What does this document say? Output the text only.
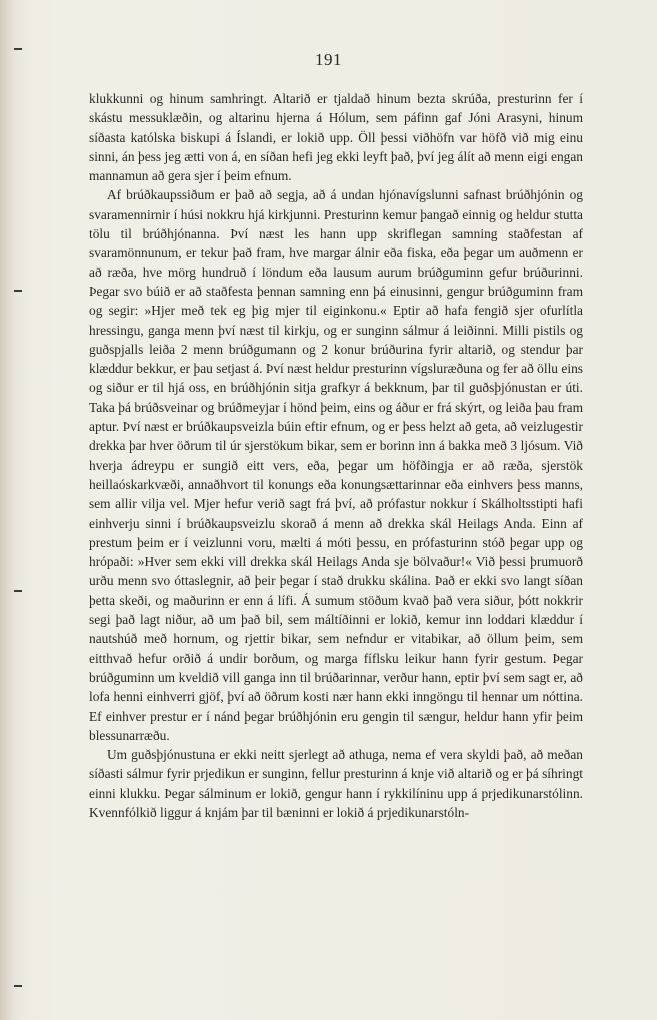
191

klukkunni og hinum samhringt. Altarið er tjaldað hinum bezta skrúða, presturinn fer í skástu messuklæðin, og altarinu hjerna á Hólum, sem páfinn gaf Jóni Arasyni, hinum síðasta katólska biskupi á Íslandi, er lokið upp. Öll þessi viðhöfn var höfð við mig einu sinni, án þess jeg ætti von á, en síðan hefi jeg ekki leyft það, því jeg álít að menn eigi engan mannamun að gera sjer í þeim efnum.

Af brúðkaupssiðum er það að segja, að á undan hjónavígslunni safnast brúðhjónin og svaramennirnir í húsi nokkru hjá kirkjunni. Presturinn kemur þangað einnig og heldur stutta tölu til brúðhjónanna. Því næst les hann upp skriflegan samning staðfestan af svaramönnunum, er tekur það fram, hve margar álnir eða fiska, eða þegar um auðmenn er að ræða, hve mörg hundruð í löndum eða lausum aurum brúðguminn gefur brúðurinni. Þegar svo búið er að staðfesta þennan samning enn þá einusinni, gengur brúðguminn fram og segir: »Hjer með tek eg þig mjer til eiginkonu.« Eptir að hafa fengið sjer ofurlítla hressingu, ganga menn því næst til kirkju, og er sunginn sálmur á leiðinni. Milli pistils og guðspjalls leiða 2 menn brúðgumann og 2 konur brúðurina fyrir altarið, og stendur þar klæddur bekkur, er þau setjast á. Því næst heldur presturinn vígsluræðuna og fer að öllu eins og siður er til hjá oss, en brúðhjónin sitja grafkyr á bekknum, þar til guðsþjónustan er úti. Taka þá brúðsveinar og brúðmeyjar í hönd þeim, eins og áður er frá skýrt, og leiða þau fram aptur. Því næst er brúðkaupsveizla búin eftir efnum, og er þess helzt að geta, að veizlugestir drekka þar hver öðrum til úr sjerstökum bikar, sem er borinn inn á bakka með 3 ljósum. Við hverja ádreypu er sungið eitt vers, eða, þegar um höfðingja er að ræða, sjerstök heillaóskarkvæði, annaðhvort til konungs eða konungsættarinnar eða einhvers þess manns, sem allir vilja vel. Mjer hefur verið sagt frá því, að prófastur nokkur í Skálholtsstipti hafi einhverju sinni í brúðkaupsveizlu skorað á menn að drekka skál Heilags Anda. Einn af prestum þeim er í veizlunni voru, mælti á móti þessu, en prófasturinn stóð þegar upp og hrópaði: »Hver sem ekki vill drekka skál Heilags Anda sje bölvaður!« Við þessi þrumuorð urðu menn svo óttaslegnir, að þeir þegar í stað drukku skálina. Það er ekki svo langt síðan þetta skeði, og maðurinn er enn á lífi. Á sumum stöðum kvað það vera siður, þótt nokkrir segi það lagt niður, að um það bil, sem máltíðinni er lokið, kemur inn loddari klæddur í nautshúð með hornum, og rjettir bikar, sem nefndur er vitabikar, að öllum þeim, sem eitthvað hefur orðið á undir borðum, og marga fíflsku leikur hann fyrir gestum. Þegar brúðguminn um kveldið vill ganga inn til brúðarinnar, verður hann, eptir því sem sagt er, að lofa henni einhverri gjöf, því að öðrum kosti nær hann ekki inngöngu til hennar um nóttina. Ef einhver prestur er í nánd þegar brúðhjónin eru gengin til sængur, heldur hann yfir þeim blessunarræðu.

Um guðsþjónustuna er ekki neitt sjerlegt að athuga, nema ef vera skyldi það, að meðan síðasti sálmur fyrir prjedikun er sunginn, fellur presturinn á knje við altarið og er þá síhringt einni klukku. Þegar sálminum er lokið, gengur hann í rykkilíninu upp á prjedikunarstólinn. Kvennfólkið liggur á knjám þar til bæninni er lokið á prjedikunarstóln-
